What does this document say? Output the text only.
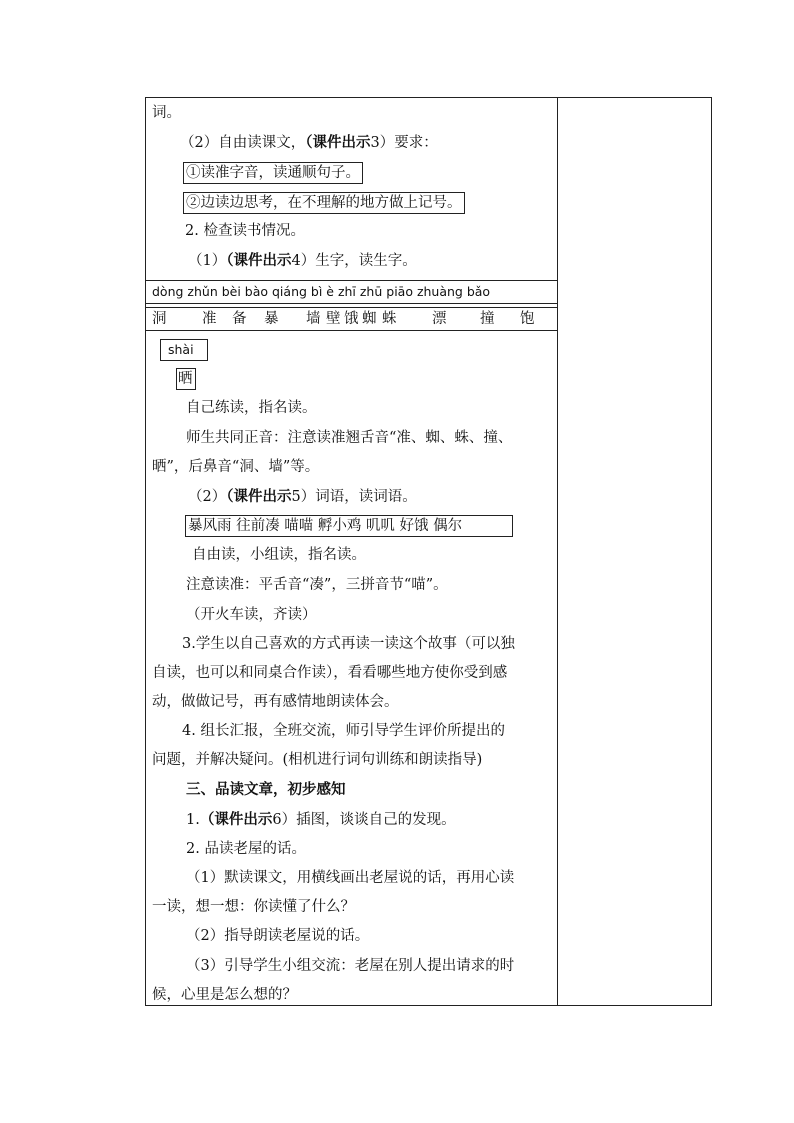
词。
（2）自由读课文，（课件出示3）要求：
①读准字音，读通顺句子。
②边读边思考，在不理解的地方做上记号。
2. 检查读书情况。
（1）（课件出示4）生字，读生字。
dòng zhǔn bèi bào qiáng bì è zhī zhū piāo zhuàng bǎo
洞 准 备 暴 墙 壁 饿 蜘 蛛 漂 撞 饱
shài
晒
自己练读，指名读。
师生共同正音：注意读准翘舌音“准、蜘、蛛、撞、
晒”，后鼻音“洞、墙”等。
（2）（课件出示5）词语，读词语。
暴风雨 往前凑 喵喵 孵小鸡 叽叽 好饿 偶尔
自由读，小组读，指名读。
注意读准：平舌音“凑”，三拼音节“喵”。
（开火车读，齐读）
3.学生以自己喜欢的方式再读一读这个故事（可以独
自读，也可以和同桌合作读），看看哪些地方使你受到感
动，做做记号，再有感情地朗读体会。
4. 组长汇报，全班交流，师引导学生评价所提出的
问题，并解决疑问。(相机进行词句训练和朗读指导)
三、品读文章，初步感知
1.（课件出示6）插图，谈谈自己的发现。
2. 品读老屋的话。
（1）默读课文，用横线画出老屋说的话，再用心读
一读，想一想：你读懂了什么？
（2）指导朗读老屋说的话。
（3）引导学生小组交流：老屋在别人提出请求的时
候，心里是怎么想的？
